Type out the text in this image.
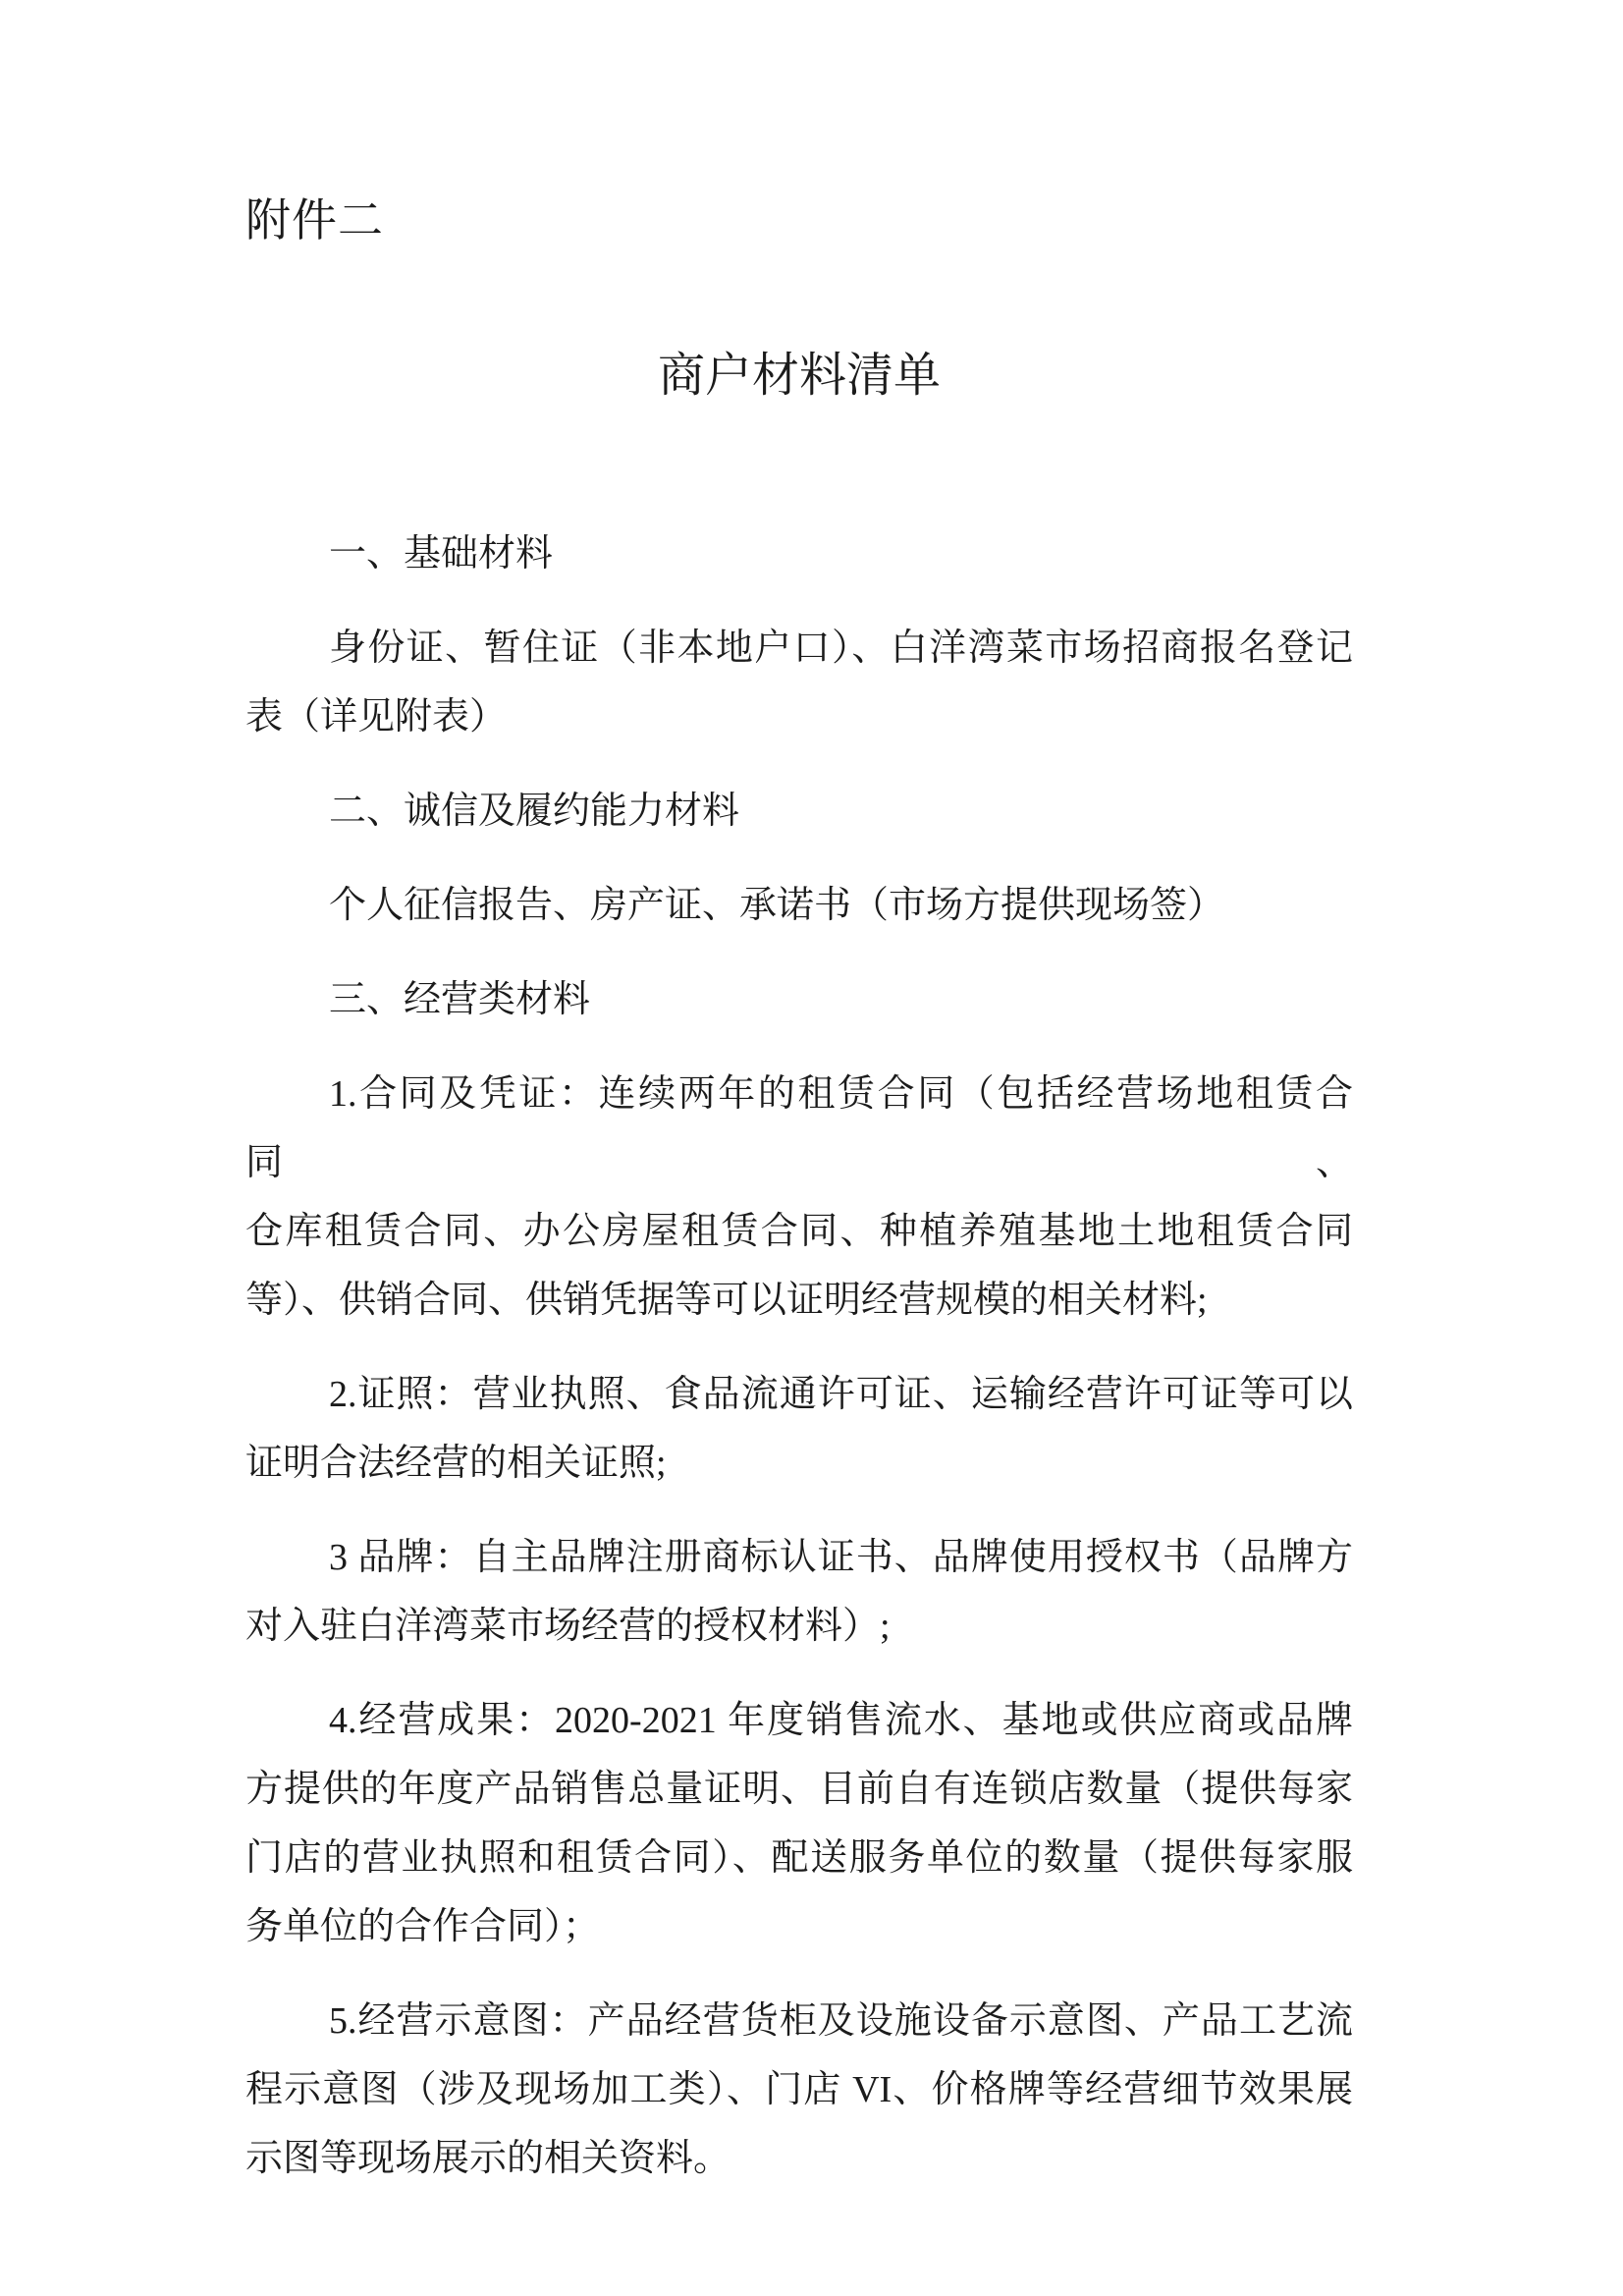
附件二
商户材料清单

一、基础材料

身份证、暂住证（非本地户口）、白洋湾菜市场招商报名登记
表（详见附表）

二、诚信及履约能力材料

个人征信报告、房产证、承诺书（市场方提供现场签）

三、经营类材料

1.合同及凭证：连续两年的租赁合同（包括经营场地租赁合同、
仓库租赁合同、办公房屋租赁合同、种植养殖基地土地租赁合同
等）、供销合同、供销凭据等可以证明经营规模的相关材料;

2.证照：营业执照、食品流通许可证、运输经营许可证等可以
证明合法经营的相关证照;

3 品牌：自主品牌注册商标认证书、品牌使用授权书（品牌方
对入驻白洋湾菜市场经营的授权材料）;

4.经营成果：2020-2021 年度销售流水、基地或供应商或品牌
方提供的年度产品销售总量证明、目前自有连锁店数量（提供每家
门店的营业执照和租赁合同）、配送服务单位的数量（提供每家服
务单位的合作合同）；

5.经营示意图：产品经营货柜及设施设备示意图、产品工艺流
程示意图（涉及现场加工类）、门店 VI、价格牌等经营细节效果展
示图等现场展示的相关资料。
